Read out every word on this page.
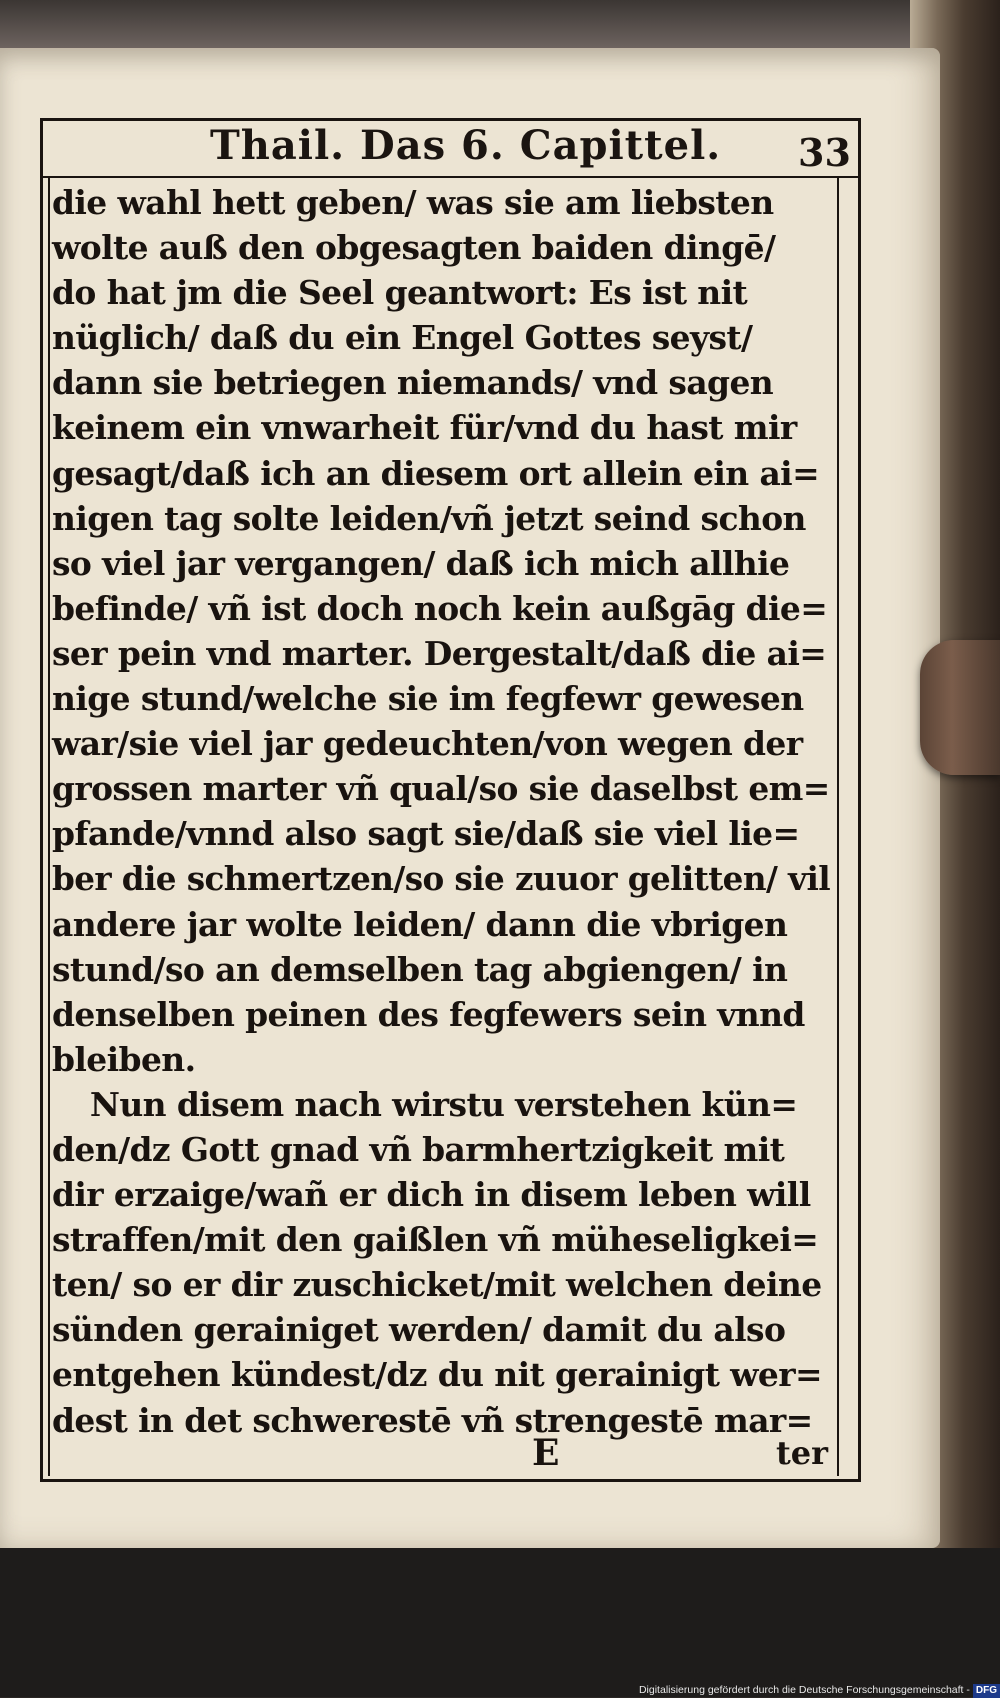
Thail. Das 6. Capittel. 33
die wahl hett geben/ was sie am liebsten
wolte auß den obgesagten baiden dingē/
do hat jm die Seel geantwort: Es ist nit
nüglich/ daß du ein Engel Gottes seyst/
dann sie betriegen niemands/ vnd sagen
keinem ein vnwarheit für/vnd du hast mir
gesagt/daß ich an diesem ort allein ein ai=
nigen tag solte leiden/vñ jetzt seind schon
so viel jar vergangen/ daß ich mich allhie
befinde/ vñ ist doch noch kein außgāg die=
ser pein vnd marter. Dergestalt/daß die ai=
nige stund/welche sie im fegfewr gewesen
war/sie viel jar gedeuchten/von wegen der
grossen marter vñ qual/so sie daselbst em=
pfande/vnnd also sagt sie/daß sie viel lie=
ber die schmertzen/so sie zuuor gelitten/ vil
andere jar wolte leiden/ dann die vbrigen
stund/so an demselben tag abgiengen/ in
denselben peinen des fegfewers sein vnnd
bleiben.
Nun disem nach wirstu verstehen kün=
den/dz Gott gnad vñ barmhertzigkeit mit
dir erzaige/wañ er dich in disem leben will
straffen/mit den gaißlen vñ müheseligkei=
ten/ so er dir zuschicket/mit welchen deine
sünden gerainiget werden/ damit du also
entgehen kündest/dz du nit gerainigt wer=
dest in det schwerestē vñ strengestē mar=
E	ter
Digitalisierung gefördert durch die Deutsche Forschungsgemeinschaft - DFG
